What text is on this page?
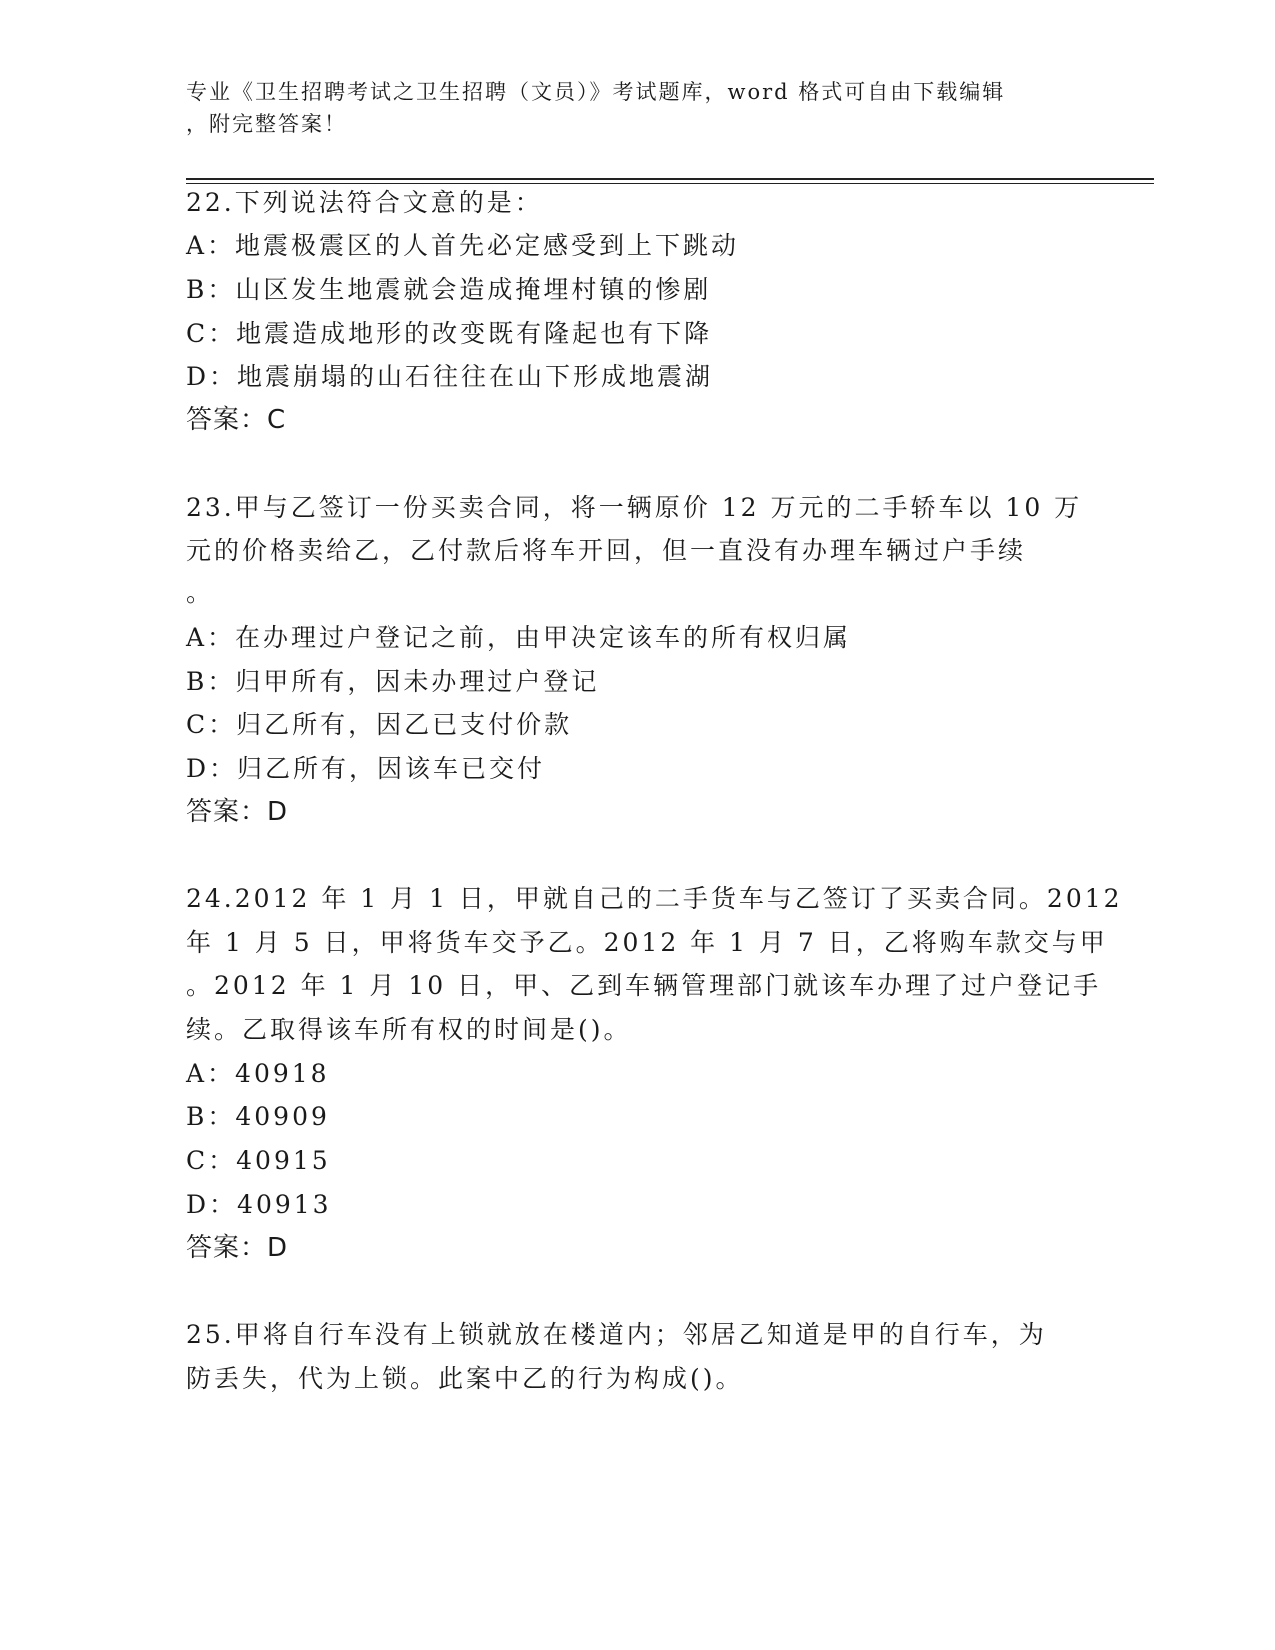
专业《卫生招聘考试之卫生招聘（文员）》考试题库，word 格式可自由下载编辑
，附完整答案！
22.下列说法符合文意的是：
A：地震极震区的人首先必定感受到上下跳动
B：山区发生地震就会造成掩埋村镇的惨剧
C：地震造成地形的改变既有隆起也有下降
D：地震崩塌的山石往往在山下形成地震湖
答案：C
23.甲与乙签订一份买卖合同，将一辆原价 12 万元的二手轿车以 10 万
元的价格卖给乙，乙付款后将车开回，但一直没有办理车辆过户手续
。
A：在办理过户登记之前，由甲决定该车的所有权归属
B：归甲所有，因未办理过户登记
C：归乙所有，因乙已支付价款
D：归乙所有，因该车已交付
答案：D
24.2012 年 1 月 1 日，甲就自己的二手货车与乙签订了买卖合同。2012
年 1 月 5 日，甲将货车交予乙。2012 年 1 月 7 日，乙将购车款交与甲
。2012 年 1 月 10 日，甲、乙到车辆管理部门就该车办理了过户登记手
续。乙取得该车所有权的时间是()。
A：40918
B：40909
C：40915
D：40913
答案：D
25.甲将自行车没有上锁就放在楼道内；邻居乙知道是甲的自行车，为
防丢失，代为上锁。此案中乙的行为构成()。
